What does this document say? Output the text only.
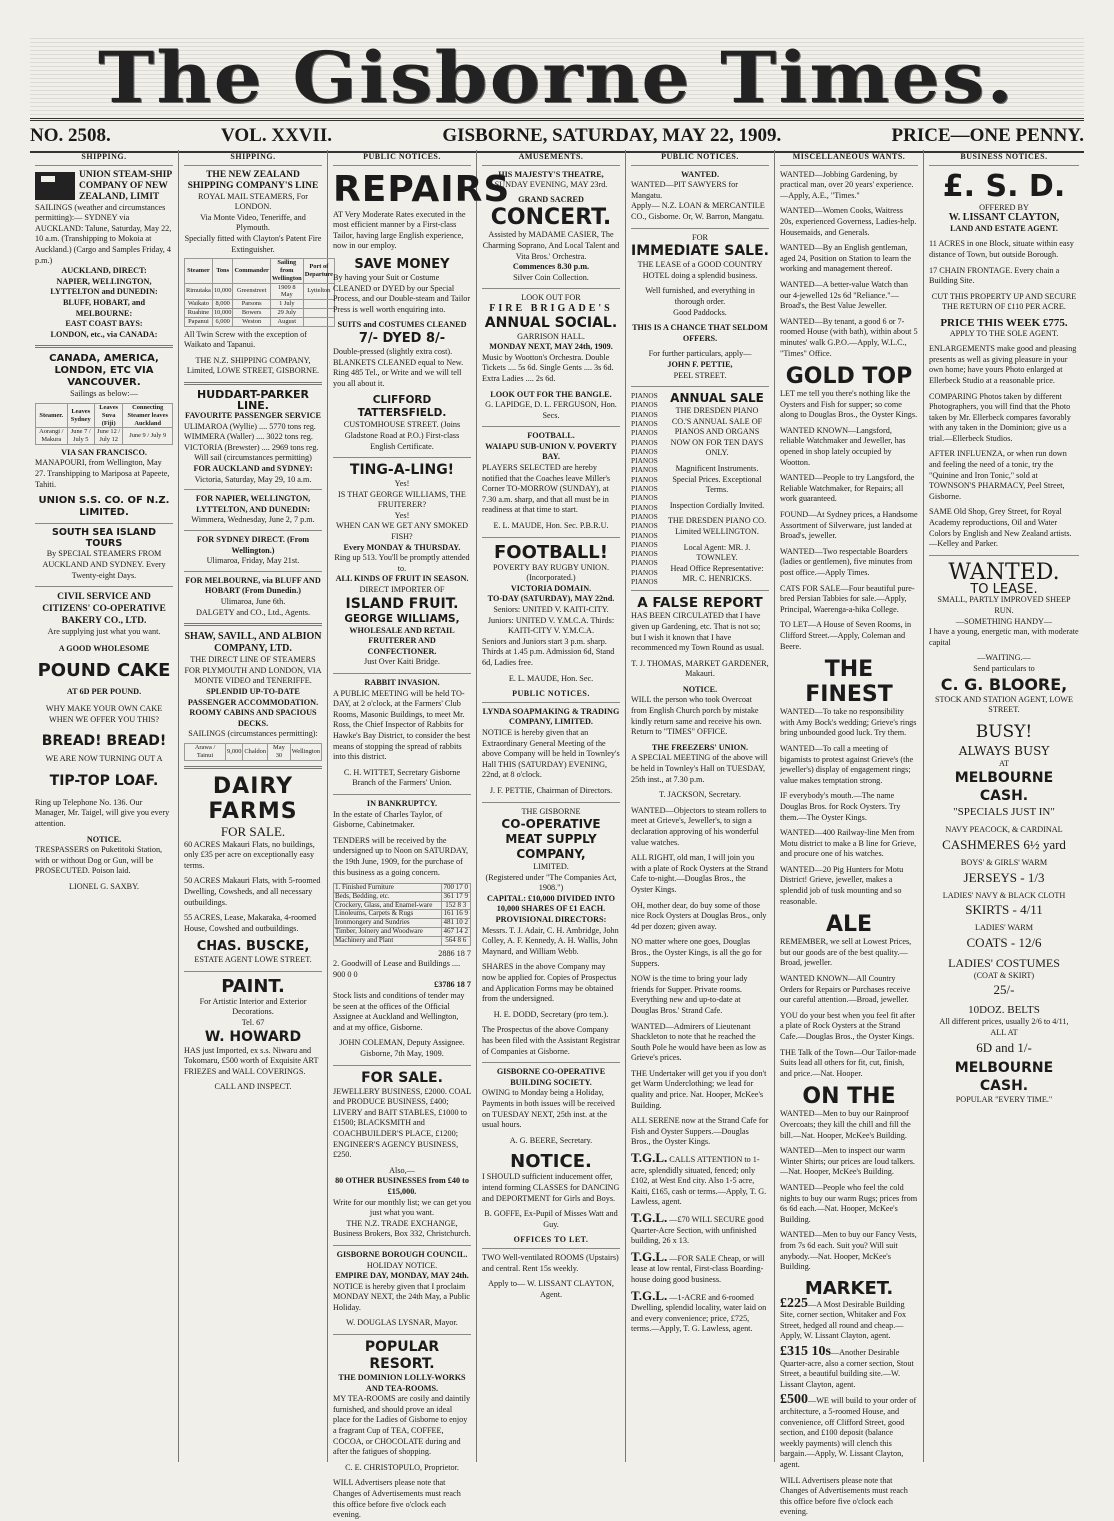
The Gisborne Times.
NO. 2508.	VOL. XXVII.	GISBORNE, SATURDAY, MAY 22, 1909.	PRICE—ONE PENNY.
SHIPPING.
UNION STEAM-SHIP COMPANY OF NEW ZEALAND, LIMIT
SAILINGS (weather and circumstances permitting):— SYDNEY via AUCKLAND: Talune, Saturday, May 22, 10 a.m. (Transhipping to Mokoia at Auckland.) (Cargo and Samples Friday, 4 p.m.)
AUCKLAND, DIRECT:
NAPIER, WELLINGTON, LYTTELTON and DUNEDIN:
BLUFF, HOBART, and MELBOURNE:
EAST COAST BAYS:
LONDON, etc., via CANADA:
CANADA, AMERICA, LONDON, ETC VIA VANCOUVER.
Sailings as below:—
Steamer.	Leaves Sydney	Leaves Suva (Fiji)	Connecting Steamer leaves Auckland
Aorangi / Makura	June 7 / July 5	June 12 / July 12	June 9 / July 9
VIA SAN FRANCISCO.
MANAPOURI, from Wellington, May 27. Transhipping to Mariposa at Papeete, Tahiti.
UNION S.S. CO. OF N.Z. LIMITED.
SOUTH SEA ISLAND TOURS
By SPECIAL STEAMERS FROM AUCKLAND AND SYDNEY. Every Twenty-eight Days.
CIVIL SERVICE AND CITIZENS' CO-OPERATIVE BAKERY CO., LTD.
Are supplying just what you want.
A GOOD WHOLESOME
POUND CAKE
AT 6D PER POUND.
WHY MAKE YOUR OWN CAKE WHEN WE OFFER YOU THIS?
BREAD! BREAD!
WE ARE NOW TURNING OUT A
TIP-TOP LOAF.
Ring up Telephone No. 136. Our Manager, Mr. Taigel, will give you every attention.
NOTICE.
TRESPASSERS on Puketitoki Station, with or without Dog or Gun, will be PROSECUTED. Poison laid.
LIONEL G. SAXBY.
SHIPPING.
THE NEW ZEALAND SHIPPING COMPANY'S LINE
ROYAL MAIL STEAMERS, For LONDON.
Via Monte Video, Teneriffe, and Plymouth.
Specially fitted with Clayton's Patent Fire Extinguisher.
Steamer	Tons	Commander	Sailing from Wellington	Port of Departure
Rimutaka	10,000	Greenstreet	1909 8 May	Lyttelton
Waikato	8,000	Parsons	1 July	
Ruahine	10,000	Bowers	29 July	
Papanui	6,000	Weston	August	
All Twin Screw with the exception of Waikato and Tapanui.
THE N.Z. SHIPPING COMPANY, Limited, LOWE STREET, GISBORNE.
HUDDART-PARKER LINE.
FAVOURITE PASSENGER SERVICE
ULIMAROA (Wyllie) .... 5770 tons reg.
WIMMERA (Waller) .... 3022 tons reg.
VICTORIA (Brewster) .... 2969 tons reg.
Will sail (circumstances permitting)
FOR AUCKLAND and SYDNEY:
Victoria, Saturday, May 29, 10 a.m.
FOR NAPIER, WELLINGTON, LYTTELTON, AND DUNEDIN:
Wimmera, Wednesday, June 2, 7 p.m.
FOR SYDNEY DIRECT. (From Wellington.)
Ulimaroa, Friday, May 21st.
FOR MELBOURNE, via BLUFF AND HOBART (From Dunedin.)
Ulimaroa, June 6th.
DALGETY and CO., Ltd., Agents.
SHAW, SAVILL, AND ALBION COMPANY, LTD.
THE DIRECT LINE OF STEAMERS FOR PLYMOUTH AND LONDON, VIA MONTE VIDEO and TENERIFFE.
SPLENDID UP-TO-DATE PASSENGER ACCOMMODATION.
ROOMY CABINS AND SPACIOUS DECKS.
SAILINGS (circumstances permitting):
Arawa / Tainui	9,000	Chaldon	May 30	Wellington
DAIRY FARMS
FOR SALE.
60 ACRES Makauri Flats, no buildings, only £35 per acre on exceptionally easy terms.
50 ACRES Makauri Flats, with 5-roomed Dwelling, Cowsheds, and all necessary outbuildings.
55 ACRES, Lease, Makaraka, 4-roomed House, Cowshed and outbuildings.
CHAS. BUSCKE,
ESTATE AGENT LOWE STREET.
PAINT.
For Artistic Interior and Exterior Decorations.
Tel. 67
W. HOWARD
HAS just Imported, ex s.s. Niwaru and Tokomaru, £500 worth of Exquisite ART FRIEZES and WALL COVERINGS.
CALL AND INSPECT.
PUBLIC NOTICES.
REPAIRS
AT Very Moderate Rates executed in the most efficient manner by a First-class Tailor, having large English experience, now in our employ.
SAVE MONEY
By having your Suit or Costume CLEANED or DYED by our Special Process, and our Double-steam and Tailor Press is well worth enquiring into.
SUITS and COSTUMES CLEANED
7/- DYED 8/-
Double-pressed (slightly extra cost). BLANKETS CLEANED equal to New. Ring 485 Tel., or Write and we will tell you all about it.
CLIFFORD TATTERSFIELD.
CUSTOMHOUSE STREET. (Joins Gladstone Road at P.O.) First-class English Certificate.
TING-A-LING!
Yes!
IS THAT GEORGE WILLIAMS, THE FRUITERER?
Yes!
WHEN CAN WE GET ANY SMOKED FISH?
Every MONDAY & THURSDAY.
Ring up 513. You'll be promptly attended to.
ALL KINDS OF FRUIT IN SEASON.
DIRECT IMPORTER OF
ISLAND FRUIT.
GEORGE WILLIAMS,
WHOLESALE AND RETAIL FRUITERER AND CONFECTIONER.
Just Over Kaiti Bridge.
RABBIT INVASION.
A PUBLIC MEETING will be held TO-DAY, at 2 o'clock, at the Farmers' Club Rooms, Masonic Buildings, to meet Mr. Ross, the Chief Inspector of Rabbits for Hawke's Bay District, to consider the best means of stopping the spread of rabbits into this district.
C. H. WITTET, Secretary Gisborne Branch of the Farmers' Union.
IN BANKRUPTCY.
In the estate of Charles Taylor, of Gisborne, Cabinetmaker.
TENDERS will be received by the undersigned up to Noon on SATURDAY, the 19th June, 1909, for the purchase of this business as a going concern.
1. Finished Furniture	700 17 0
Beds, Bedding, etc.	361 17 9
Crockery, Glass, and Enamel-ware	152 8 3
Linoleums, Carpets & Rugs	161 16 9
Ironmongery and Sundries	481 10 2
Timber, Joinery and Woodware	467 14 2
Machinery and Plant	564 8 6
2886 18 7
2. Goodwill of Lease and Buildings .... 900 0 0
£3786 18 7
Stock lists and conditions of tender may be seen at the offices of the Official Assignee at Auckland and Wellington, and at my office, Gisborne.
JOHN COLEMAN, Deputy Assignee. Gisborne, 7th May, 1909.
FOR SALE.
JEWELLERY BUSINESS, £2000. COAL and PRODUCE BUSINESS, £400; LIVERY and BAIT STABLES, £1000 to £1500; BLACKSMITH and COACHBUILDER'S PLACE, £1200; ENGINEER'S AGENCY BUSINESS, £250.
Also,—
80 OTHER BUSINESSES from £40 to £15,000.
Write for our monthly list; we can get you just what you want.
THE N.Z. TRADE EXCHANGE, Business Brokers, Box 332, Christchurch.
GISBORNE BOROUGH COUNCIL.
HOLIDAY NOTICE.
EMPIRE DAY, MONDAY, MAY 24th.
NOTICE is hereby given that I proclaim MONDAY NEXT, the 24th May, a Public Holiday.
W. DOUGLAS LYSNAR, Mayor.
POPULAR RESORT.
THE DOMINION LOLLY-WORKS AND TEA-ROOMS.
MY TEA-ROOMS are cosily and daintily furnished, and should prove an ideal place for the Ladies of Gisborne to enjoy a fragrant Cup of TEA, COFFEE, COCOA, or CHOCOLATE during and after the fatigues of shopping.
C. E. CHRISTOPULO, Proprietor.
WILL Advertisers please note that Changes of Advertisements must reach this office before five o'clock each evening.
AMUSEMENTS.
HIS MAJESTY'S THEATRE,
SUNDAY EVENING, MAY 23rd.
GRAND SACRED
CONCERT.
Assisted by MADAME CASIER, The Charming Soprano, And Local Talent and Vita Bros.' Orchestra.
Commences 8.30 p.m.
Silver Coin Collection.
LOOK OUT FOR
FIRE BRIGADE'S
ANNUAL SOCIAL.
GARRISON HALL.
MONDAY NEXT, MAY 24th, 1909.
Music by Wootton's Orchestra. Double Tickets .... 5s 6d. Single Gents .... 3s 6d. Extra Ladies .... 2s 6d.
LOOK OUT FOR THE BANGLE.
G. LAPIDGE, D. L. FERGUSON, Hon. Secs.
FOOTBALL.
WAIAPU SUB-UNION V. POVERTY BAY.
PLAYERS SELECTED are hereby notified that the Coaches leave Miller's Corner TO-MORROW (SUNDAY), at 7.30 a.m. sharp, and that all must be in readiness at that time to start.
E. L. MAUDE, Hon. Sec. P.B.R.U.
FOOTBALL!
POVERTY BAY RUGBY UNION. (Incorporated.)
VICTORIA DOMAIN.
TO-DAY (SATURDAY), MAY 22nd.
Seniors: UNITED V. KAITI-CITY. Juniors: UNITED V. Y.M.C.A. Thirds: KAITI-CITY V. Y.M.C.A.
Seniors and Juniors start 3 p.m. sharp. Thirds at 1.45 p.m. Admission 6d, Stand 6d, Ladies free.
E. L. MAUDE, Hon. Sec.
PUBLIC NOTICES.
LYNDA SOAPMAKING & TRADING COMPANY, LIMITED.
NOTICE is hereby given that an Extraordinary General Meeting of the above Company will be held in Townley's Hall THIS (SATURDAY) EVENING, 22nd, at 8 o'clock.
J. F. PETTIE, Chairman of Directors.
THE GISBORNE
CO-OPERATIVE MEAT SUPPLY COMPANY,
LIMITED.
(Registered under "The Companies Act, 1908.")
CAPITAL: £10,000 DIVIDED INTO 10,000 SHARES OF £1 EACH.
PROVISIONAL DIRECTORS:
Messrs. T. J. Adair, C. H. Ambridge, John Colley, A. F. Kennedy, A. H. Wallis, John Maynard, and William Webb.
SHARES in the above Company may now be applied for. Copies of Prospectus and Application Forms may be obtained from the undersigned.
H. E. DODD, Secretary (pro tem.).
The Prospectus of the above Company has been filed with the Assistant Registrar of Companies at Gisborne.
GISBORNE CO-OPERATIVE BUILDING SOCIETY.
OWING to Monday being a Holiday, Payments in both issues will be received on TUESDAY NEXT, 25th inst. at the usual hours.
A. G. BEERE, Secretary.
NOTICE.
I SHOULD sufficient inducement offer, intend forming CLASSES for DANCING and DEPORTMENT for Girls and Boys.
B. GOFFE, Ex-Pupil of Misses Watt and Guy.
OFFICES TO LET.
TWO Well-ventilated ROOMS (Upstairs) and central. Rent 15s weekly.
Apply to— W. LISSANT CLAYTON, Agent.
PUBLIC NOTICES.
WANTED.
WANTED—PIT SAWYERS for Mangatu.
Apply— N.Z. LOAN & MERCANTILE CO., Gisborne. Or, W. Barron, Mangatu.
FOR
IMMEDIATE SALE.
THE LEASE of a GOOD COUNTRY HOTEL doing a splendid business.
Well furnished, and everything in thorough order.
Good Paddocks.
THIS IS A CHANCE THAT SELDOM OFFERS.
For further particulars, apply—
JOHN F. PETTIE,
PEEL STREET.
PIANOS
PIANOS
PIANOS
PIANOS
PIANOS
PIANOS
PIANOS
PIANOS
PIANOS
PIANOS
PIANOS
PIANOS
PIANOS
PIANOS
PIANOS
PIANOS
PIANOS
PIANOS
PIANOS
PIANOS
PIANOS
ANNUAL SALE
THE DRESDEN PIANO CO.'S ANNUAL SALE OF PIANOS AND ORGANS NOW ON FOR TEN DAYS ONLY.
Magnificent Instruments. Special Prices. Exceptional Terms.
Inspection Cordially Invited.
THE DRESDEN PIANO CO. Limited WELLINGTON.
Local Agent: MR. J. TOWNLEY.
Head Office Representative: MR. C. HENRICKS.
A FALSE REPORT
HAS BEEN CIRCULATED that I have given up Gardening, etc. That is not so; but I wish it known that I have recommenced my Town Round as usual.
T. J. THOMAS, MARKET GARDENER, Makauri.
NOTICE.
WILL the person who took Overcoat from English Church porch by mistake kindly return same and receive his own. Return to "TIMES" OFFICE.
THE FREEZERS' UNION.
A SPECIAL MEETING of the above will be held in Townley's Hall on TUESDAY, 25th inst., at 7.30 p.m.
T. JACKSON, Secretary.
WANTED—Objectors to steam rollers to meet at Grieve's, Jeweller's, to sign a declaration approving of his wonderful value watches.
ALL RIGHT, old man, I will join you with a plate of Rock Oysters at the Strand Cafe to-night.—Douglas Bros., the Oyster Kings.
OH, mother dear, do buy some of those nice Rock Oysters at Douglas Bros., only 4d per dozen; given away.
NO matter where one goes, Douglas Bros., the Oyster Kings, is all the go for Suppers.
NOW is the time to bring your lady friends for Supper. Private rooms. Everything new and up-to-date at Douglas Bros.' Strand Cafe.
WANTED—Admirers of Lieutenant Shackleton to note that he reached the South Pole he would have been as low as Grieve's prices.
THE Undertaker will get you if you don't get Warm Underclothing; we lead for quality and price. Nat. Hooper, McKee's Building.
ALL SERENE now at the Strand Cafe for Fish and Oyster Suppers.—Douglas Bros., the Oyster Kings.
T.G.L. CALLS ATTENTION to 1-acre, splendidly situated, fenced; only £102, at West End city. Also 1-5 acre, Kaiti, £165, cash or terms.—Apply, T. G. Lawless, agent.
T.G.L. —£70 WILL SECURE good Quarter-Acre Section, with unfinished building, 26 x 13.
T.G.L. —FOR SALE Cheap, or will lease at low rental, First-class Boarding-house doing good business.
T.G.L. —1-ACRE and 6-roomed Dwelling, splendid locality, water laid on and every convenience; price, £725, terms.—Apply, T. G. Lawless, agent.
MISCELLANEOUS WANTS.
WANTED—Jobbing Gardening, by practical man, over 20 years' experience.—Apply, A.E., "Times."
WANTED—Women Cooks, Waitress 20s, experienced Governess, Ladies-help. Housemaids, and Generals.
WANTED—By an English gentleman, aged 24, Position on Station to learn the working and management thereof.
WANTED—A better-value Watch than our 4-jewelled 12s 6d "Reliance."—Broad's, the Best Value Jeweller.
WANTED—By tenant, a good 6 or 7-roomed House (with bath), within about 5 minutes' walk G.P.O.—Apply, W.L.C., "Times" Office.
GOLD TOP
LET me tell you there's nothing like the Oysters and Fish for supper; so come along to Douglas Bros., the Oyster Kings.
WANTED KNOWN—Langsford, reliable Watchmaker and Jeweller, has opened in shop lately occupied by Wootton.
WANTED—People to try Langsford, the Reliable Watchmaker, for Repairs; all work guaranteed.
FOUND—At Sydney prices, a Handsome Assortment of Silverware, just landed at Broad's, jeweller.
WANTED—Two respectable Boarders (ladies or gentlemen), five minutes from post office.—Apply Times.
CATS FOR SALE—Four beautiful pure-bred Persian Tabbies for sale.—Apply, Principal, Waerenga-a-hika College.
TO LET—A House of Seven Rooms, in Clifford Street.—Apply, Coleman and Beere.
THE FINEST
WANTED—To take no responsibility with Amy Bock's wedding; Grieve's rings bring unbounded good luck. Try them.
WANTED—To call a meeting of bigamists to protest against Grieve's (the jeweller's) display of engagement rings; value makes temptation strong.
IF everybody's mouth.—The name Douglas Bros. for Rock Oysters. Try them.—The Oyster Kings.
WANTED—400 Railway-line Men from Motu district to make a B line for Grieve, and procure one of his watches.
WANTED—20 Pig Hunters for Motu District! Grieve, jeweller, makes a splendid job of tusk mounting and so reasonable.
ALE
REMEMBER, we sell at Lowest Prices, but our goods are of the best quality.—Broad, jeweller.
WANTED KNOWN—All Country Orders for Repairs or Purchases receive our careful attention.—Broad, jeweller.
YOU do your best when you feel fit after a plate of Rock Oysters at the Strand Cafe.—Douglas Bros., the Oyster Kings.
THE Talk of the Town—Our Tailor-made Suits lead all others for fit, cut, finish, and price.—Nat. Hooper.
ON THE
WANTED—Men to buy our Rainproof Overcoats; they kill the chill and fill the bill.—Nat. Hooper, McKee's Building.
WANTED—Men to inspect our warm Winter Shirts; our prices are loud talkers.—Nat. Hooper, McKee's Building.
WANTED—People who feel the cold nights to buy our warm Rugs; prices from 6s 6d each.—Nat. Hooper, McKee's Building.
WANTED—Men to buy our Fancy Vests, from 7s 6d each. Suit you? Will suit anybody.—Nat. Hooper, McKee's Building.
MARKET.
£225—A Most Desirable Building Site, corner section, Whitaker and Fox Street, hedged all round and cheap.—Apply, W. Lissant Clayton, agent.
£315 10s—Another Desirable Quarter-acre, also a corner section, Stout Street, a beautiful building site.—W. Lissant Clayton, agent.
£500—WE will build to your order of architecture, a 5-roomed House, and convenience, off Clifford Street, good section, and £100 deposit (balance weekly payments) will clench this bargain.—Apply, W. Lissant Clayton, agent.
WILL Advertisers please note that Changes of Advertisements must reach this office before five o'clock each evening.
BUSINESS NOTICES.
£. S. D.
OFFERED BY
W. LISSANT CLAYTON,
LAND AND ESTATE AGENT.
11 ACRES in one Block, situate within easy distance of Town, but outside Borough.
17 CHAIN FRONTAGE. Every chain a Building Site.
CUT THIS PROPERTY UP AND SECURE THE RETURN OF £110 PER ACRE.
PRICE THIS WEEK £775.
APPLY TO THE SOLE AGENT.
ENLARGEMENTS make good and pleasing presents as well as giving pleasure in your own home; have yours Photo enlarged at Ellerbeck Studio at a reasonable price.
COMPARING Photos taken by different Photographers, you will find that the Photo taken by Mr. Ellerbeck compares favorably with any taken in the Dominion; give us a trial.—Ellerbeck Studios.
AFTER INFLUENZA, or when run down and feeling the need of a tonic, try the "Quinine and Iron Tonic," sold at TOWNSON'S PHARMACY, Peel Street, Gisborne.
SAME Old Shop, Grey Street, for Royal Academy reproductions, Oil and Water Colors by English and New Zealand artists.—Kelley and Parker.
WANTED.
TO LEASE.
SMALL, PARTLY IMPROVED SHEEP RUN.
—SOMETHING HANDY—
I have a young, energetic man, with moderate capital
—WAITING.—
Send particulars to
C. G. BLOORE,
STOCK AND STATION AGENT, LOWE STREET.
BUSY!
ALWAYS BUSY
AT
MELBOURNE CASH.
"SPECIALS JUST IN"
NAVY PEACOCK, & CARDINAL
CASHMERES 6½ yard
BOYS' & GIRLS' WARM
JERSEYS - 1/3
LADIES' NAVY & BLACK CLOTH
SKIRTS - 4/11
LADIES' WARM
COATS - 12/6
LADIES' COSTUMES
(COAT & SKIRT)
25/-
10DOZ. BELTS
All different prices, usually 2/6 to 4/11,
ALL AT
6D and 1/-
MELBOURNE CASH.
POPULAR "EVERY TIME."
